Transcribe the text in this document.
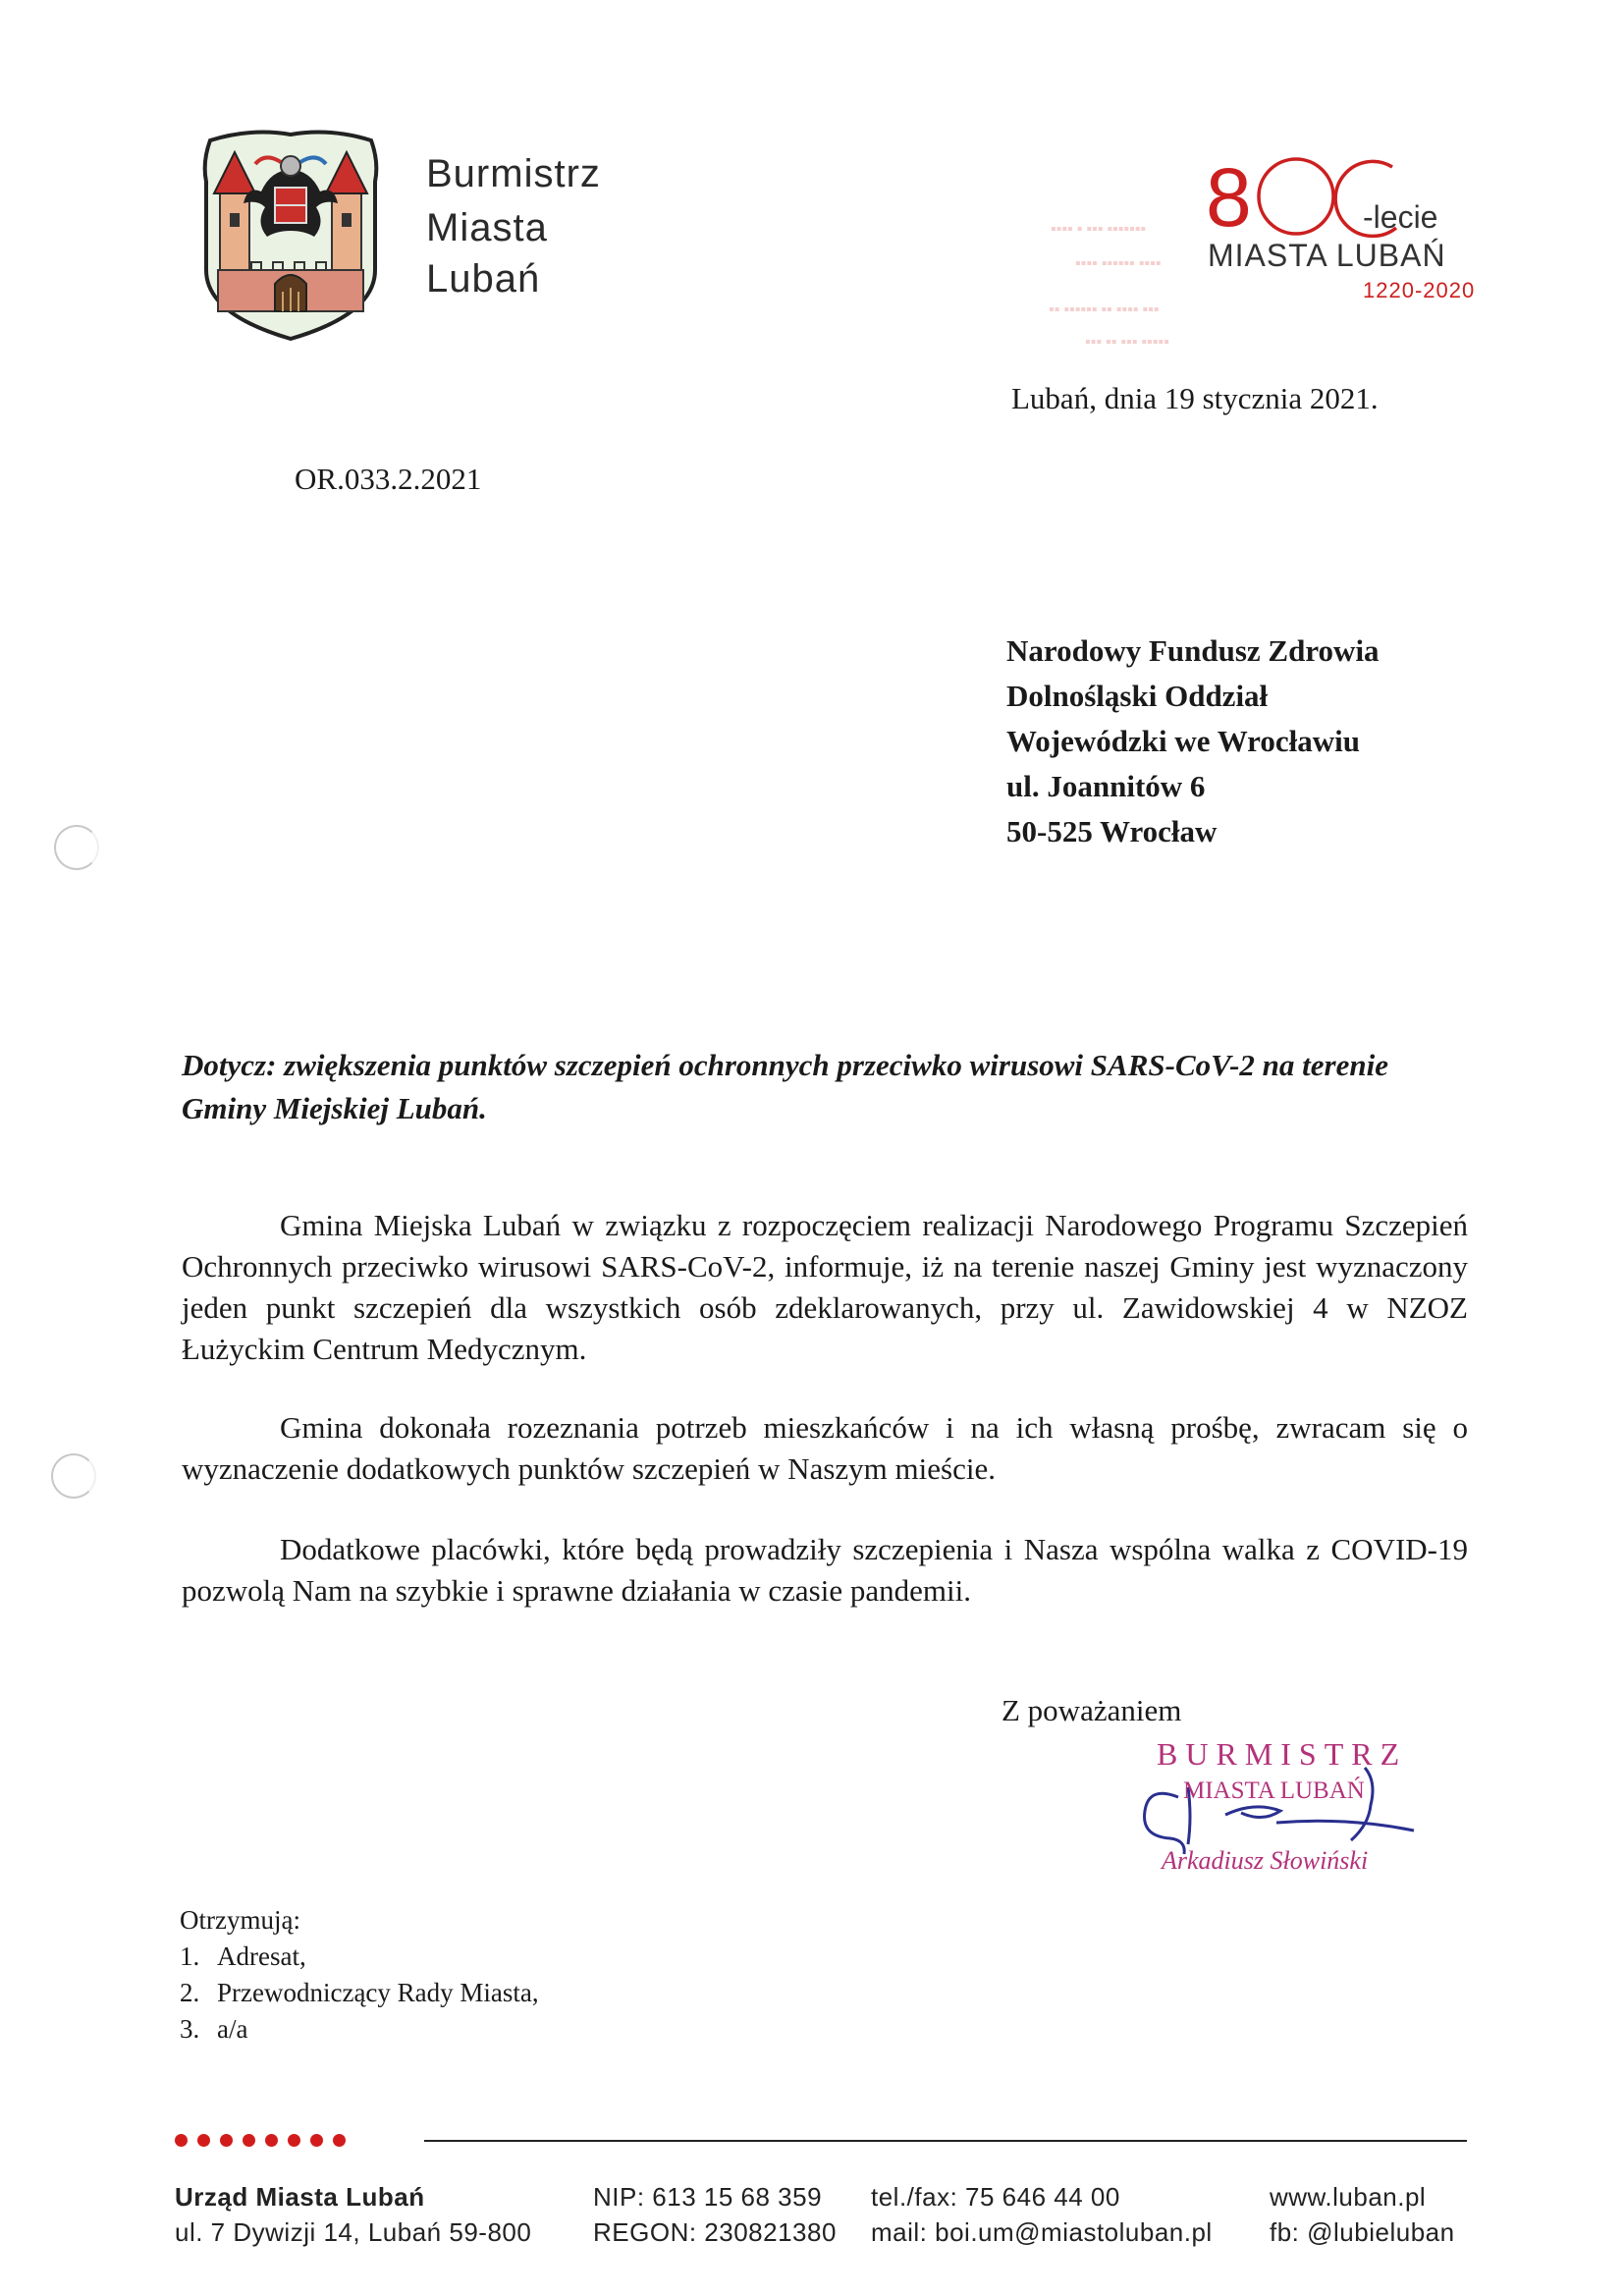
Burmistrz
Miasta
Lubań
8
▪▪▪▪ ▪ ▪▪▪ ▪▪▪▪▪▪▪
▪▪▪▪ ▪▪▪▪▪▪ ▪▪▪▪
▪▪ ▪▪▪▪▪▪ ▪▪ ▪▪▪▪ ▪▪▪
▪▪▪ ▪▪ ▪▪▪ ▪▪▪▪▪
-lecie
MIASTA LUBAŃ
1220-2020
Lubań, dnia 19 stycznia 2021.
OR.033.2.2021
Narodowy Fundusz Zdrowia
Dolnośląski Oddział
Wojewódzki we Wrocławiu
ul. Joannitów 6
50-525 Wrocław
Dotycz: zwiększenia punktów szczepień ochronnych przeciwko wirusowi SARS-CoV-2 na terenie Gminy Miejskiej Lubań.
Gmina Miejska Lubań w związku z rozpoczęciem realizacji Narodowego Programu Szczepień Ochronnych przeciwko wirusowi SARS-CoV-2, informuje, iż na terenie naszej Gminy jest wyznaczony jeden punkt szczepień dla wszystkich osób zdeklarowanych, przy ul. Zawidowskiej 4 w NZOZ Łużyckim Centrum Medycznym.
Gmina dokonała rozeznania potrzeb mieszkańców i na ich własną prośbę, zwracam się o wyznaczenie dodatkowych punktów szczepień w Naszym mieście.
Dodatkowe placówki, które będą prowadziły szczepienia i Nasza wspólna walka z COVID-19 pozwolą Nam na szybkie i sprawne działania w czasie pandemii.
Z poważaniem
BURMISTRZ
MIASTA LUBAŃ
Arkadiusz Słowiński
Otrzymują:
1. Adresat,
2. Przewodniczący Rady Miasta,
3. a/a
Urząd Miasta Lubań
ul. 7 Dywizji 14, Lubań 59-800
NIP: 613 15 68 359
REGON: 230821380
tel./fax: 75 646 44 00
mail: boi.um@miastoluban.pl
www.luban.pl
fb: @lubieluban
